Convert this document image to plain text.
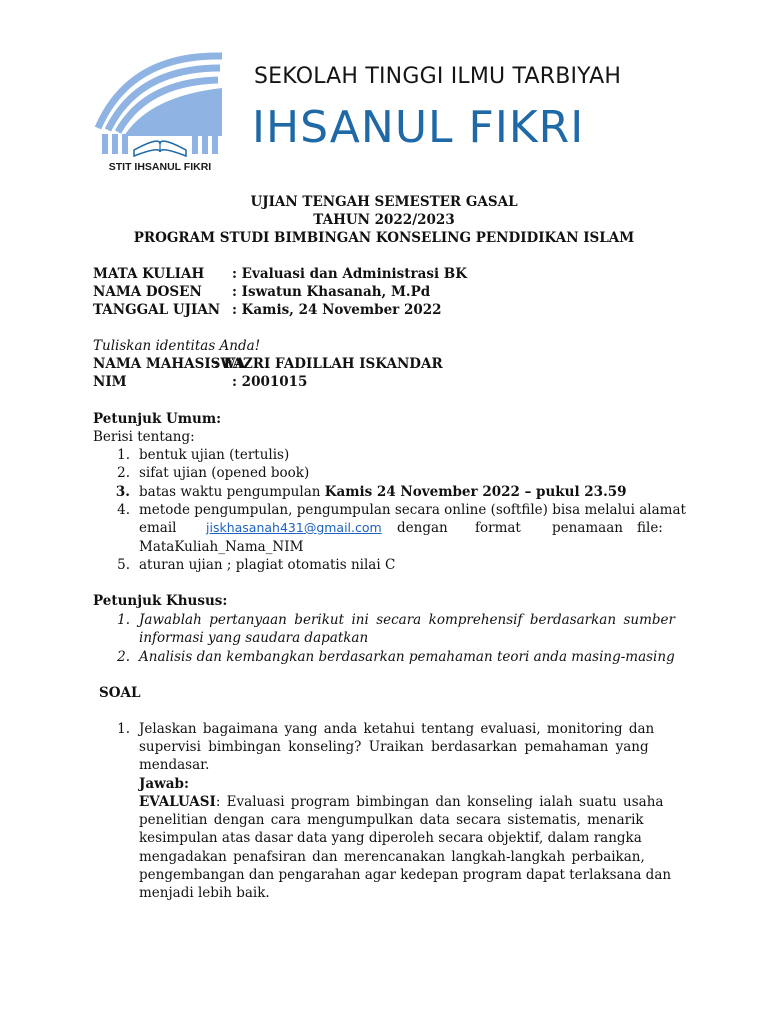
STIT IHSANUL FIKRI
SEKOLAH TINGGI ILMU TARBIYAH
IHSANUL FIKRI
UJIAN TENGAH SEMESTER GASAL
TAHUN 2022/2023
PROGRAM STUDI BIMBINGAN KONSELING PENDIDIKAN ISLAM
MATA KULIAH : Evaluasi dan Administrasi BK
NAMA DOSEN : Iswatun Khasanah, M.Pd
TANGGAL UJIAN : Kamis, 24 November 2022
Tuliskan identitas Anda!
NAMA MAHASISWA
: FAZRI FADILLAH ISKANDAR
NIM	: 2001015
Petunjuk Umum:
Berisi tentang:
1. bentuk ujian (tertulis)
2. sifat ujian (opened book)
3. batas waktu pengumpulan Kamis 24 November 2022 – pukul 23.59
4. metode pengumpulan, pengumpulan secara online (softfile) bisa melalui alamat
email jiskhasanah431@gmail.com dengan format penamaan file:
MataKuliah_Nama_NIM
5. aturan ujian ; plagiat otomatis nilai C
Petunjuk Khusus:
1. Jawablah pertanyaan berikut ini secara komprehensif berdasarkan sumber
informasi yang saudara dapatkan
2. Analisis dan kembangkan berdasarkan pemahaman teori anda masing-masing
SOAL
1. Jelaskan bagaimana yang anda ketahui tentang evaluasi, monitoring dan
supervisi bimbingan konseling? Uraikan berdasarkan pemahaman yang
mendasar.
Jawab:
EVALUASI: Evaluasi program bimbingan dan konseling ialah suatu usaha
penelitian dengan cara mengumpulkan data secara sistematis, menarik
kesimpulan atas dasar data yang diperoleh secara objektif, dalam rangka
mengadakan penafsiran dan merencanakan langkah-langkah perbaikan,
pengembangan dan pengarahan agar kedepan program dapat terlaksana dan
menjadi lebih baik.
